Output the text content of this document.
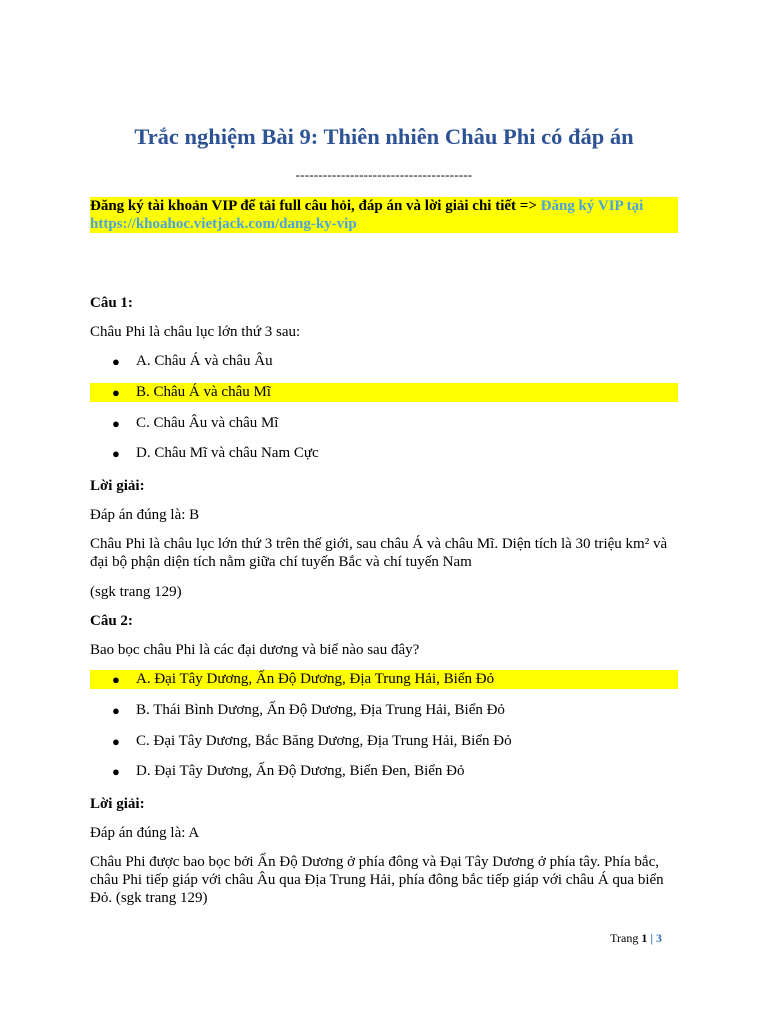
Trắc nghiệm Bài 9: Thiên nhiên Châu Phi có đáp án
---------------------------------------
Đăng ký tài khoản VIP để tải full câu hỏi, đáp án và lời giải chi tiết => Đăng ký VIP tại https://khoahoc.vietjack.com/dang-ky-vip
Câu 1:
Châu Phi là châu lục lớn thứ 3 sau:
● A. Châu Á và châu Âu
● B. Châu Á và châu Mĩ
● C. Châu Âu và châu Mĩ
● D. Châu Mĩ và châu Nam Cực
Lời giải:
Đáp án đúng là: B
Châu Phi là châu lục lớn thứ 3 trên thế giới, sau châu Á và châu Mĩ. Diện tích là 30 triệu km² và đại bộ phận diện tích nằm giữa chí tuyến Bắc và chí tuyến Nam
(sgk trang 129)
Câu 2:
Bao bọc châu Phi là các đại dương và biể nào sau đây?
● A. Đại Tây Dương, Ấn Độ Dương, Địa Trung Hải, Biển Đỏ
● B. Thái Bình Dương, Ấn Độ Dương, Địa Trung Hải, Biển Đỏ
● C. Đại Tây Dương, Bắc Băng Dương, Địa Trung Hải, Biển Đỏ
● D. Đại Tây Dương, Ấn Độ Dương, Biển Đen, Biển Đỏ
Lời giải:
Đáp án đúng là: A
Châu Phi được bao bọc bởi Ấn Độ Dương ở phía đông và Đại Tây Dương ở phía tây. Phía bắc, châu Phi tiếp giáp với châu Âu qua Địa Trung Hải, phía đông bắc tiếp giáp với châu Á qua biển Đỏ. (sgk trang 129)
Trang 1 | 3
